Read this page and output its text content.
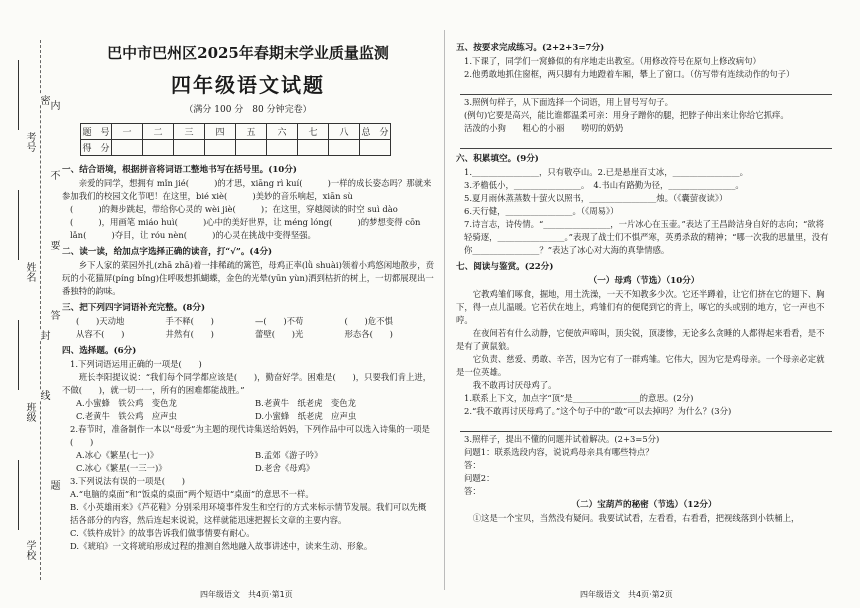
考号
姓名
班级
学校
密
封
线
内
不
要
答
题
巴中市巴州区2025年春期末学业质量监测
四年级语文试题
（满分 100 分　80 分钟完卷）
题　号	一	二	三	四	五	六	七	八	总　分
得　分									
一、结合语境，根据拼音将词语工整地书写在括号里。(10分)
亲爱的同学，想拥有 mǐn jié(　　　)的才思，xiāng rì kuí(　　　)一样的成长姿态吗？那就来参加我们的校园文化节吧！在这里，bié xiè(　　　)美妙的音乐响起，xiān sù
(　　　)的舞步跳起，带给你心灵的 wèi jiè(　　　)；在这里，穿越阅读的时空 suì dào
(　　　)，用画笔 miáo huì(　　　)心中的美好世界，让 méng lóng(　　　)的梦想变得 cōn lǎn(　　　)夺目，让 róu nèn(　　　)的心灵在挑战中变得坚强。
二、读一读，给加点字选择正确的读音，打“√”。(4分)
乡下人家的菜园外扎(zhā zhā)着一排稀疏的篱笆，母鸡正率(lǜ shuài)领着小鸡悠闲地散步，贲玩的小花猫屏(píng bǐng)住呼吸想抓蝴蝶，金色的光晕(yūn yùn)洒到枯折的树上，一切都展现出一番独特的韵味。
三、把下列四字词语补充完整。(8分)
(　　)天动地	手不释(　　)	—(　　)不苟	(　　)危不惧
从容不(　　)	井然有(　　)	蕾壁(　　)光	形态各(　　)
四、选择题。(6分)
1.下列词语运用正确的一项是(　　)
班长李阳提议说：“我们每个同学都应该是(　　)，勤奋好学。困难是(　　)，只要我们肯上进，不做(　　)，就一切一一，所有的困难都能战胜。”
A.小蜜蜂　铁公鸡　变色龙	B.老黄牛　纸老虎　变色龙
C.老黄牛　铁公鸡　应声虫	D.小蜜蜂　纸老虎　应声虫
2.春节时，准备制作一本以“母爱”为主题的现代诗集送给妈妈，下列作品中可以选入诗集的一项是(　　)
A.冰心《繁星(七一)》	B.孟郊《游子吟》
C.冰心《繁星(一三一)》	D.老舍《母鸡》
3.下列说法有误的一项是(　　)
A.“电脑的桌面”和“饭桌的桌面”两个短语中“桌面”的意思不一样。
B.《小英雄雨来》《芦花鞋》分别采用环境事件发生和空行的方式来标示情节发展。我们可以先概括各部分的内容，然后连起来说说，这样就能迅速把握长文章的主要内容。
C.《铁杵成针》的故事告诉我们做事情要有耐心。
D.《琥珀》一文将琥珀形成过程的推测自然地融入故事讲述中，读来生动、形象。
四年级语文　共4页·第1页
五、按要求完成练习。(2+2+3=7分)
1.下课了，同学们一窝蜂似的有序地走出教室。（用修改符号在原句上修改病句）
2.他勇敢地抓住窗框，两只脚有力地蹬着车厢，攀上了窗口。（仿写带有连续动作的句子）
3.照例句样子，从下面选择一个词语，用上冒号写句子。
(例句)它要是高兴，能比谁都温柔可亲：用身子蹭你的腿，把脖子伸出来让你给它抓痒。
活泼的小狗　　粗心的小丽　　唠叨的奶奶
六、积累填空。(9分)
1.________________，只有敬亭山。2.已是悬崖百丈冰，________________。
3.矛檐低小，________________。　4.书山有路勤为径，________________。
5.夏月雨休蒸蒸数十萤火以照书，________________烛。（《囊萤夜读》）
6.天行健，________________。（《周易》）
7.诗言志，诗传情。“________________，一片冰心在玉壶。”表达了王昌龄洁身自好的志向；“欲将轻骑逐，________________。”表现了战士们不惧严寒，英勇杀敌的精神；“哪一次我的思量里，没有你________________？”表达了冰心对大海的真挚情感。
七、阅读与鉴赏。(22分)
（一）母鸡（节选）（10分）
它教鸡雏们啄食，掘地，用土洗澡，一天不知教多少次。它还半蹲着，让它们挤在它的翅下、胸下，得一点儿温暖。它若伏在地上，鸡雏们有的便爬到它的背上，啄它的头或别的地方，它一声也不哼。
在夜间若有什么动静，它便放声啼叫，顶尖锐，顶凄惨，无论多么贪睡的人都得起来看看，是不是有了黄鼠狼。
它负责、慈爱、勇敢、辛苦，因为它有了一群鸡雏。它伟大，因为它是鸡母亲。一个母亲必定就是一位英雄。
我不敢再讨厌母鸡了。
1.联系上下文，加点字“顶”是________________的意思。(2分)
2.“我不敢再讨厌母鸡了。”这个句子中的“敢”可以去掉吗？为什么？(3分)
3.照样子，提出不懂的问题并试着解决。(2+3=5分)
问题1：联系选段内容，说说鸡母亲具有哪些特点？
答：
问题2：
答：
（二）宝葫芦的秘密（节选）（12分）
①这是一个宝贝，当然没有疑问。我要试试看，左看看，右看看，把视线落到小铁桶上，
四年级语文　共4页·第2页
